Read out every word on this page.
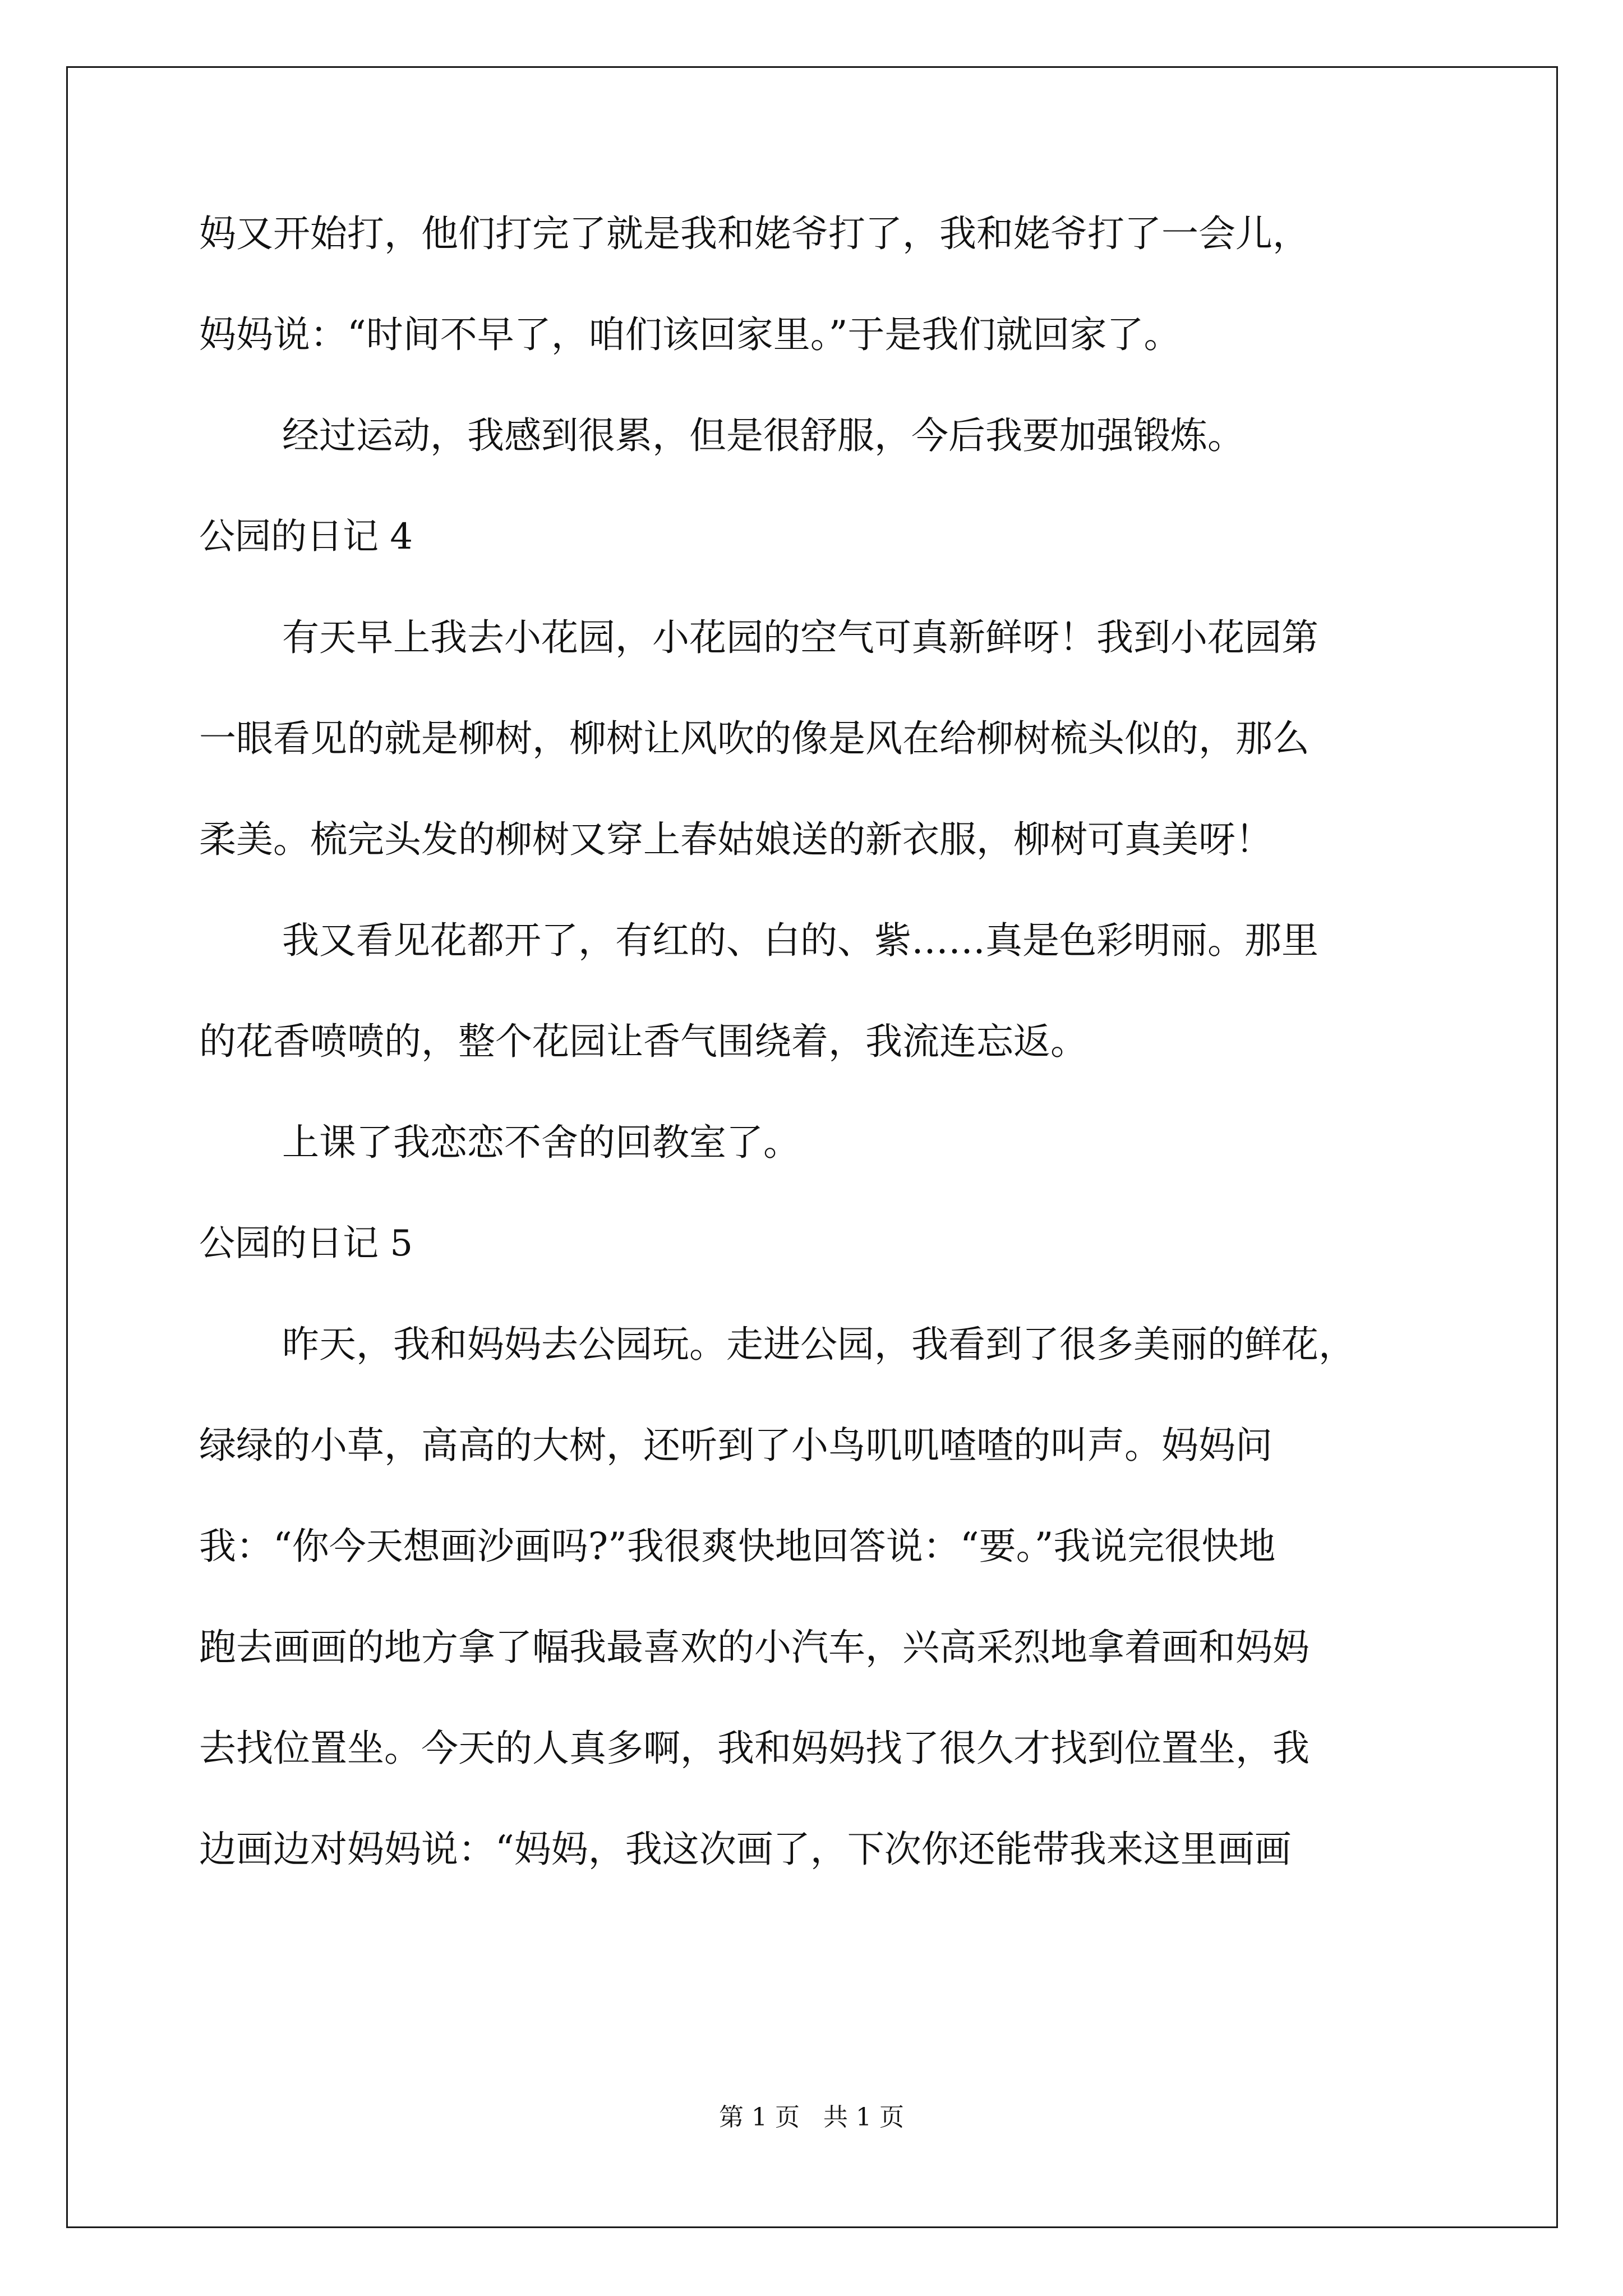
妈又开始打，他们打完了就是我和姥爷打了，我和姥爷打了一会儿，
妈妈说：“时间不早了，咱们该回家里。”于是我们就回家了。
经过运动，我感到很累，但是很舒服，今后我要加强锻炼。
公园的日记 4
有天早上我去小花园，小花园的空气可真新鲜呀！我到小花园第
一眼看见的就是柳树，柳树让风吹的像是风在给柳树梳头似的，那么
柔美。梳完头发的柳树又穿上春姑娘送的新衣服，柳树可真美呀！
我又看见花都开了，有红的、白的、紫……真是色彩明丽。那里
的花香喷喷的，整个花园让香气围绕着，我流连忘返。
上课了我恋恋不舍的回教室了。
公园的日记 5
昨天，我和妈妈去公园玩。走进公园，我看到了很多美丽的鲜花，
绿绿的小草，高高的大树，还听到了小鸟叽叽喳喳的叫声。妈妈问
我：“你今天想画沙画吗?”我很爽快地回答说：“要。”我说完很快地
跑去画画的地方拿了幅我最喜欢的小汽车，兴高采烈地拿着画和妈妈
去找位置坐。今天的人真多啊，我和妈妈找了很久才找到位置坐，我
边画边对妈妈说：“妈妈，我这次画了，下次你还能带我来这里画画
第 1 页   共 1 页
